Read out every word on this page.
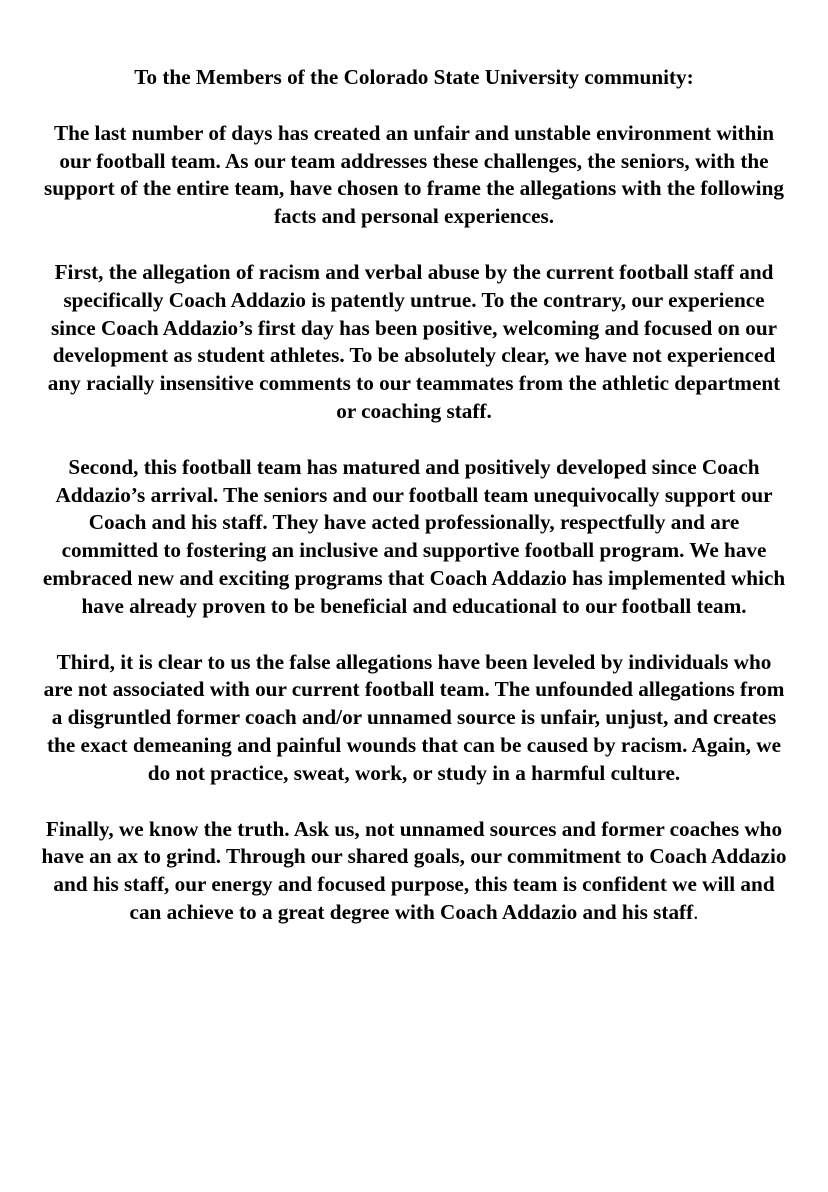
To the Members of the Colorado State University community:

The last number of days has created an unfair and unstable environment within our football team. As our team addresses these challenges, the seniors, with the support of the entire team, have chosen to frame the allegations with the following facts and personal experiences.

First, the allegation of racism and verbal abuse by the current football staff and specifically Coach Addazio is patently untrue. To the contrary, our experience since Coach Addazio’s first day has been positive, welcoming and focused on our development as student athletes. To be absolutely clear, we have not experienced any racially insensitive comments to our teammates from the athletic department or coaching staff.

Second, this football team has matured and positively developed since Coach Addazio’s arrival. The seniors and our football team unequivocally support our Coach and his staff. They have acted professionally, respectfully and are committed to fostering an inclusive and supportive football program. We have embraced new and exciting programs that Coach Addazio has implemented which have already proven to be beneficial and educational to our football team.

Third, it is clear to us the false allegations have been leveled by individuals who are not associated with our current football team. The unfounded allegations from a disgruntled former coach and/or unnamed source is unfair, unjust, and creates the exact demeaning and painful wounds that can be caused by racism. Again, we do not practice, sweat, work, or study in a harmful culture.

Finally, we know the truth. Ask us, not unnamed sources and former coaches who have an ax to grind. Through our shared goals, our commitment to Coach Addazio and his staff, our energy and focused purpose, this team is confident we will and can achieve to a great degree with Coach Addazio and his staff.
